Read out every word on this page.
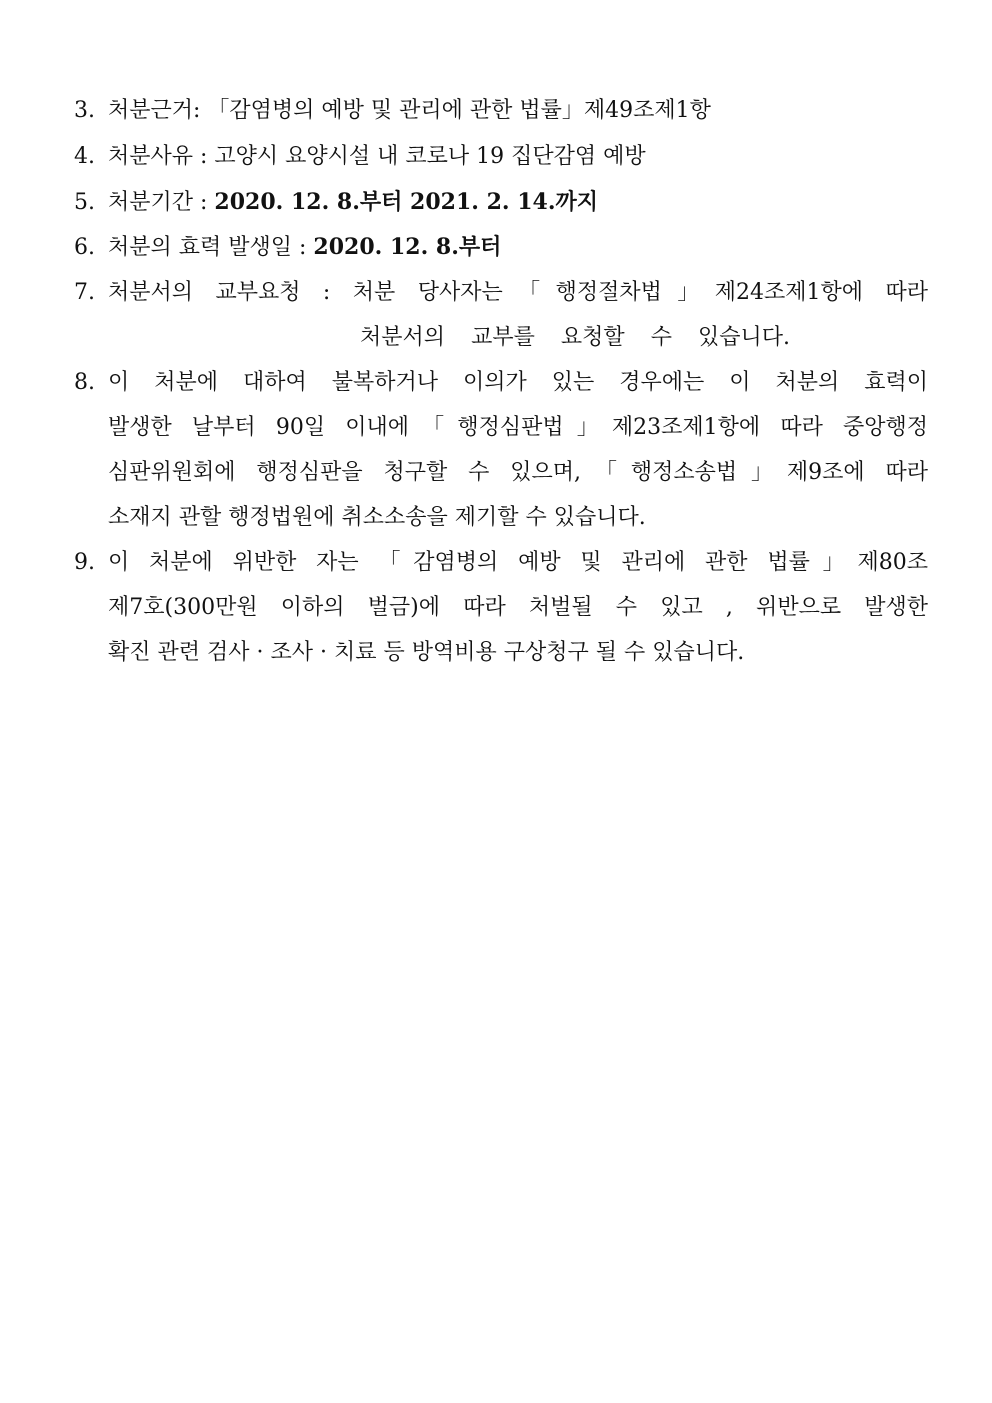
3. 처분근거: 「감염병의 예방 및 관리에 관한 법률」제49조제1항
4. 처분사유 : 고양시 요양시설 내 코로나 19 집단감염 예방
5. 처분기간 : 2020. 12. 8.부터 2021. 2. 14.까지
6. 처분의 효력 발생일 : 2020. 12. 8.부터
7. 처분서의 교부요청 : 처분 당사자는「행정절차법」제24조제1항에 따라
처분서의 교부를 요청할 수 있습니다.
8. 이 처분에 대하여 불복하거나 이의가 있는 경우에는 이 처분의 효력이
발생한 날부터 90일 이내에「행정심판법」제23조제1항에 따라 중앙행정
심판위원회에 행정심판을 청구할 수 있으며,「행정소송법」제9조에 따라
소재지 관할 행정법원에 취소소송을 제기할 수 있습니다.
9. 이 처분에 위반한 자는 「감염병의 예방 및 관리에 관한 법률」제80조
제7호(300만원 이하의 벌금)에 따라 처벌될 수 있고 , 위반으로 발생한
확진 관련 검사 · 조사 · 치료 등 방역비용 구상청구 될 수 있습니다.
